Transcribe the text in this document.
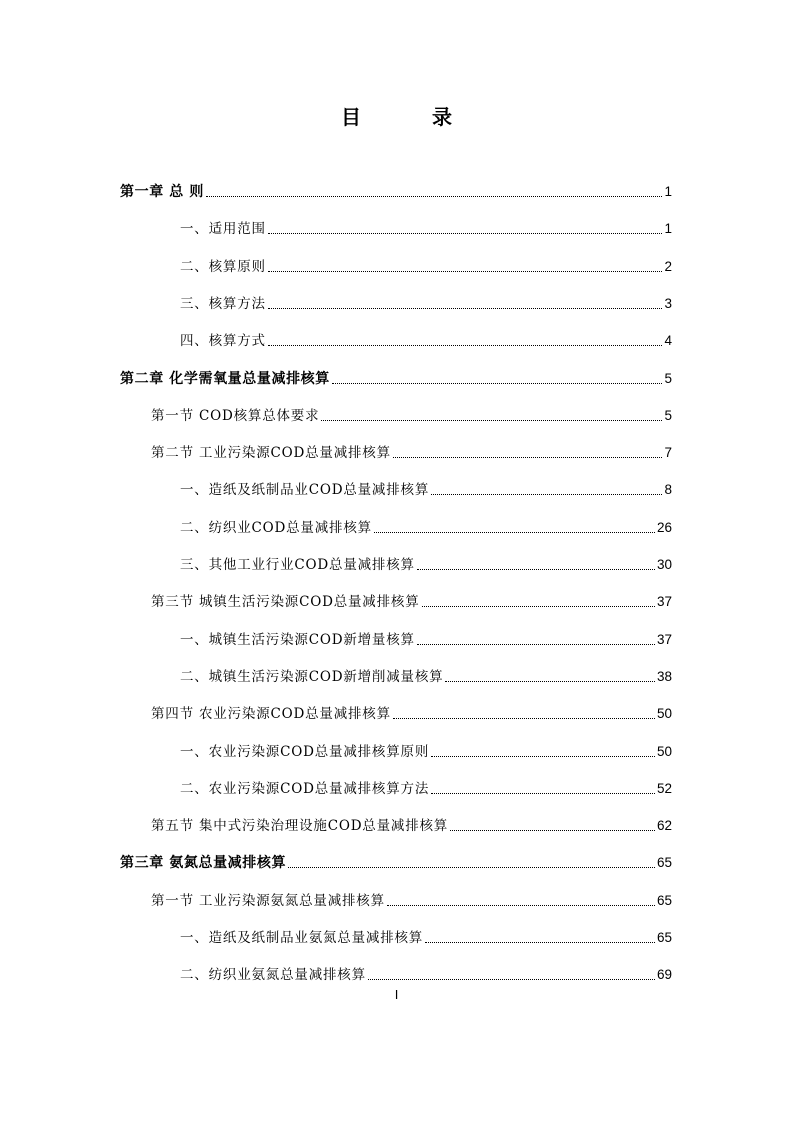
目 录
第一章 总 则	1
一、适用范围	1
二、核算原则	2
三、核算方法	3
四、核算方式	4
第二章 化学需氧量总量减排核算	5
第一节 COD核算总体要求	5
第二节 工业污染源COD总量减排核算	7
一、造纸及纸制品业COD总量减排核算	8
二、纺织业COD总量减排核算	26
三、其他工业行业COD总量减排核算	30
第三节 城镇生活污染源COD总量减排核算	37
一、城镇生活污染源COD新增量核算	37
二、城镇生活污染源COD新增削减量核算	38
第四节 农业污染源COD总量减排核算	50
一、农业污染源COD总量减排核算原则	50
二、农业污染源COD总量减排核算方法	52
第五节 集中式污染治理设施COD总量减排核算	62
第三章 氨氮总量减排核算	65
第一节 工业污染源氨氮总量减排核算	65
一、造纸及纸制品业氨氮总量减排核算	65
二、纺织业氨氮总量减排核算	69
I
